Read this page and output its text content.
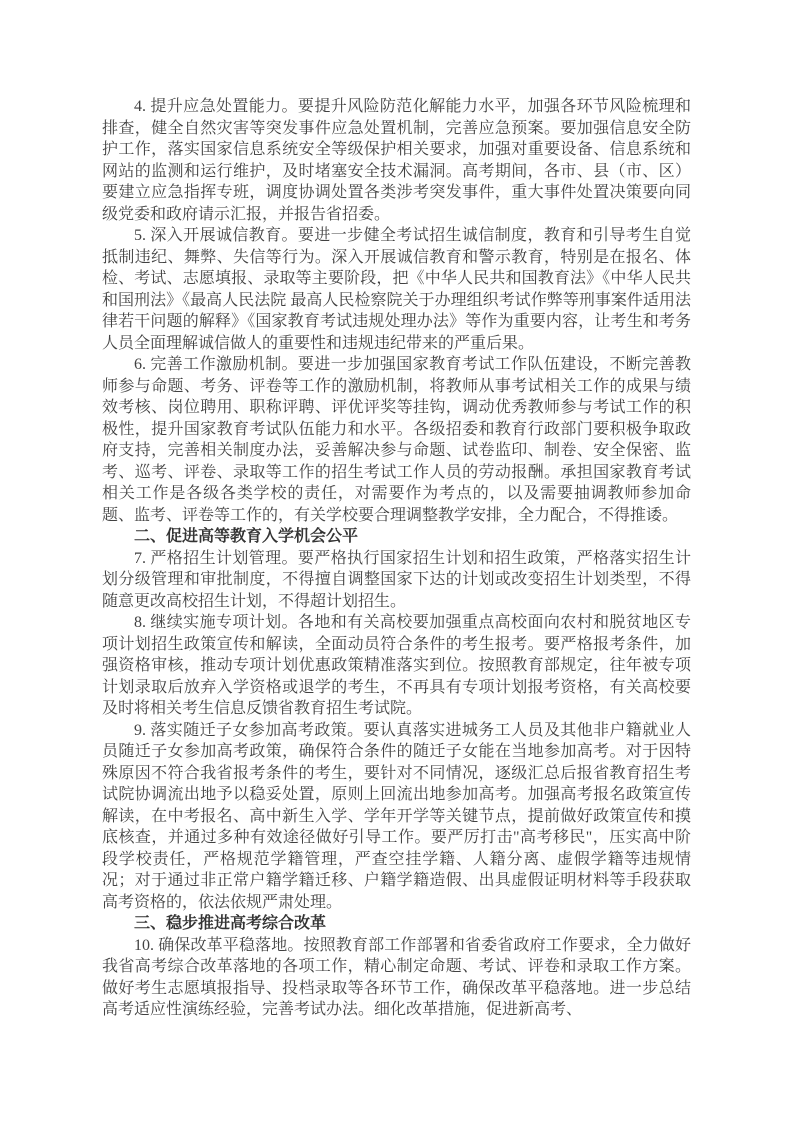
4. 提升应急处置能力。要提升风险防范化解能力水平，加强各环节风险梳理和排查，健全自然灾害等突发事件应急处置机制，完善应急预案。要加强信息安全防护工作，落实国家信息系统安全等级保护相关要求，加强对重要设备、信息系统和网站的监测和运行维护，及时堵塞安全技术漏洞。高考期间，各市、县（市、区）要建立应急指挥专班，调度协调处置各类涉考突发事件，重大事件处置决策要向同级党委和政府请示汇报，并报告省招委。

5. 深入开展诚信教育。要进一步健全考试招生诚信制度，教育和引导考生自觉抵制违纪、舞弊、失信等行为。深入开展诚信教育和警示教育，特别是在报名、体检、考试、志愿填报、录取等主要阶段，把《中华人民共和国教育法》《中华人民共和国刑法》《最高人民法院 最高人民检察院关于办理组织考试作弊等刑事案件适用法律若干问题的解释》《国家教育考试违规处理办法》等作为重要内容，让考生和考务人员全面理解诚信做人的重要性和违规违纪带来的严重后果。

6. 完善工作激励机制。要进一步加强国家教育考试工作队伍建设，不断完善教师参与命题、考务、评卷等工作的激励机制，将教师从事考试相关工作的成果与绩效考核、岗位聘用、职称评聘、评优评奖等挂钩，调动优秀教师参与考试工作的积极性，提升国家教育考试队伍能力和水平。各级招委和教育行政部门要积极争取政府支持，完善相关制度办法，妥善解决参与命题、试卷监印、制卷、安全保密、监考、巡考、评卷、录取等工作的招生考试工作人员的劳动报酬。承担国家教育考试相关工作是各级各类学校的责任，对需要作为考点的，以及需要抽调教师参加命题、监考、评卷等工作的，有关学校要合理调整教学安排，全力配合，不得推诿。

二、促进高等教育入学机会公平

7. 严格招生计划管理。要严格执行国家招生计划和招生政策，严格落实招生计划分级管理和审批制度，不得擅自调整国家下达的计划或改变招生计划类型，不得随意更改高校招生计划，不得超计划招生。

8. 继续实施专项计划。各地和有关高校要加强重点高校面向农村和脱贫地区专项计划招生政策宣传和解读，全面动员符合条件的考生报考。要严格报考条件，加强资格审核，推动专项计划优惠政策精准落实到位。按照教育部规定，往年被专项计划录取后放弃入学资格或退学的考生，不再具有专项计划报考资格，有关高校要及时将相关考生信息反馈省教育招生考试院。

9. 落实随迁子女参加高考政策。要认真落实进城务工人员及其他非户籍就业人员随迁子女参加高考政策，确保符合条件的随迁子女能在当地参加高考。对于因特殊原因不符合我省报考条件的考生，要针对不同情况，逐级汇总后报省教育招生考试院协调流出地予以稳妥处置，原则上回流出地参加高考。加强高考报名政策宣传解读，在中考报名、高中新生入学、学年开学等关键节点，提前做好政策宣传和摸底核查，并通过多种有效途径做好引导工作。要严厉打击"高考移民"，压实高中阶段学校责任，严格规范学籍管理，严查空挂学籍、人籍分离、虚假学籍等违规情况；对于通过非正常户籍学籍迁移、户籍学籍造假、出具虚假证明材料等手段获取高考资格的，依法依规严肃处理。

三、稳步推进高考综合改革

10. 确保改革平稳落地。按照教育部工作部署和省委省政府工作要求，全力做好我省高考综合改革落地的各项工作，精心制定命题、考试、评卷和录取工作方案。做好考生志愿填报指导、投档录取等各环节工作，确保改革平稳落地。进一步总结高考适应性演练经验，完善考试办法。细化改革措施，促进新高考、
